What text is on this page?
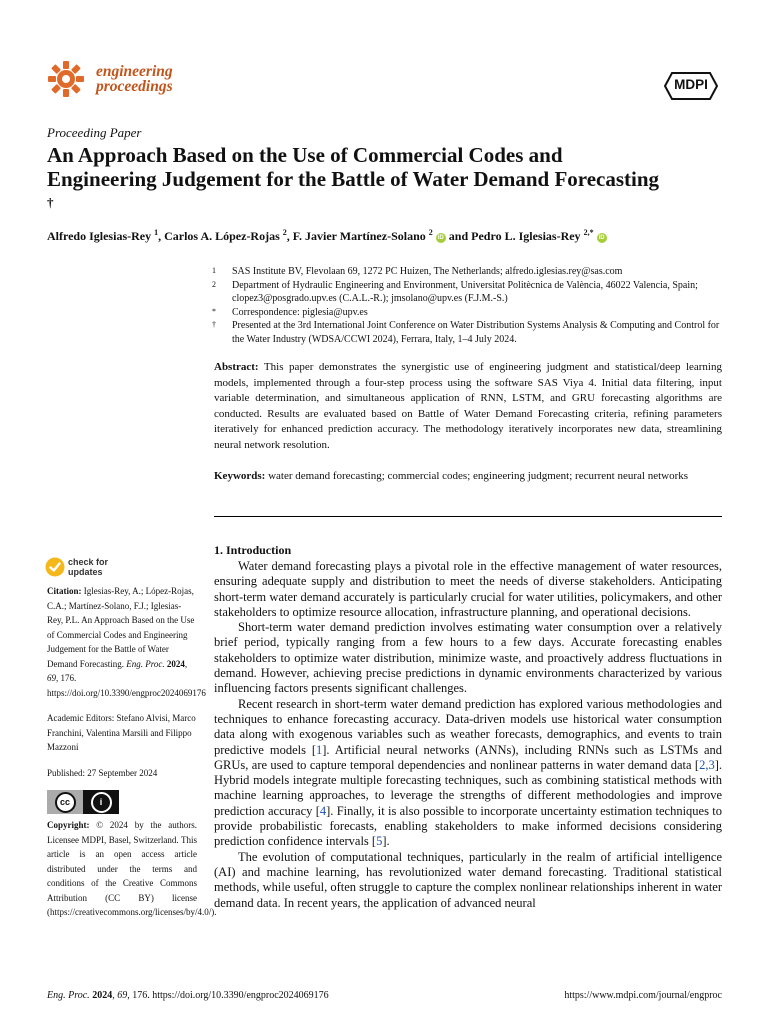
engineering
proceedings	MDPI
Proceeding Paper
An Approach Based on the Use of Commercial Codes and Engineering Judgement for the Battle of Water Demand Forecasting †
Alfredo Iglesias-Rey $^1$, Carlos A. López-Rojas $^2$, F. Javier Martínez-Solano $^2$ iD and Pedro L. Iglesias-Rey $^{2,*}$ iD
1 SAS Institute BV, Flevolaan 69, 1272 PC Huizen, The Netherlands; alfredo.iglesias.rey@sas.com
2 Department of Hydraulic Engineering and Environment, Universitat Politècnica de València, 46022 Valencia, Spain; clopez3@posgrado.upv.es (C.A.L.-R.); jmsolano@upv.es (F.J.M.-S.)
* Correspondence: piglesia@upv.es
† Presented at the 3rd International Joint Conference on Water Distribution Systems Analysis & Computing and Control for the Water Industry (WDSA/CCWI 2024), Ferrara, Italy, 1–4 July 2024.
Abstract: This paper demonstrates the synergistic use of engineering judgment and statistical/deep learning models, implemented through a four-step process using the software SAS Viya 4. Initial data filtering, input variable determination, and simultaneous application of RNN, LSTM, and GRU forecasting algorithms are conducted. Results are evaluated based on Battle of Water Demand Forecasting criteria, refining parameters iteratively for enhanced prediction accuracy. The methodology iteratively incorporates new data, streamlining neural network resolution.
Keywords: water demand forecasting; commercial codes; engineering judgment; recurrent neural networks
check for
updates

Citation: Iglesias-Rey, A.; López-Rojas, C.A.; Martínez-Solano, F.J.; Iglesias-Rey, P.L. An Approach Based on the Use of Commercial Codes and Engineering Judgement for the Battle of Water Demand Forecasting. Eng. Proc. 2024, 69, 176. https://doi.org/10.3390/engproc2024069176

Academic Editors: Stefano Alvisi, Marco Franchini, Valentina Marsili and Filippo Mazzoni

Published: 27 September 2024

cc	i

Copyright: © 2024 by the authors. Licensee MDPI, Basel, Switzerland. This article is an open access article distributed under the terms and conditions of the Creative Commons Attribution (CC BY) license (https://creativecommons.org/licenses/by/4.0/).

1. Introduction

Water demand forecasting plays a pivotal role in the effective management of water resources, ensuring adequate supply and distribution to meet the needs of diverse stakeholders. Anticipating short-term water demand accurately is particularly crucial for water utilities, policymakers, and other stakeholders to optimize resource allocation, infrastructure planning, and operational decisions.

Short-term water demand prediction involves estimating water consumption over a relatively brief period, typically ranging from a few hours to a few days. Accurate forecasting enables stakeholders to optimize water distribution, minimize waste, and proactively address fluctuations in demand. However, achieving precise predictions in dynamic environments characterized by various influencing factors presents significant challenges.

Recent research in short-term water demand prediction has explored various methodologies and techniques to enhance forecasting accuracy. Data-driven models use historical water consumption data along with exogenous variables such as weather forecasts, demographics, and events to train predictive models [1]. Artificial neural networks (ANNs), including RNNs such as LSTMs and GRUs, are used to capture temporal dependencies and nonlinear patterns in water demand data [2,3]. Hybrid models integrate multiple forecasting techniques, such as combining statistical methods with machine learning approaches, to leverage the strengths of different methodologies and improve prediction accuracy [4]. Finally, it is also possible to incorporate uncertainty estimation techniques to provide probabilistic forecasts, enabling stakeholders to make informed decisions considering prediction confidence intervals [5].

The evolution of computational techniques, particularly in the realm of artificial intelligence (AI) and machine learning, has revolutionized water demand forecasting. Traditional statistical methods, while useful, often struggle to capture the complex nonlinear relationships inherent in water demand data. In recent years, the application of advanced neural

Eng. Proc. 2024, 69, 176. https://doi.org/10.3390/engproc2024069176	https://www.mdpi.com/journal/engproc
